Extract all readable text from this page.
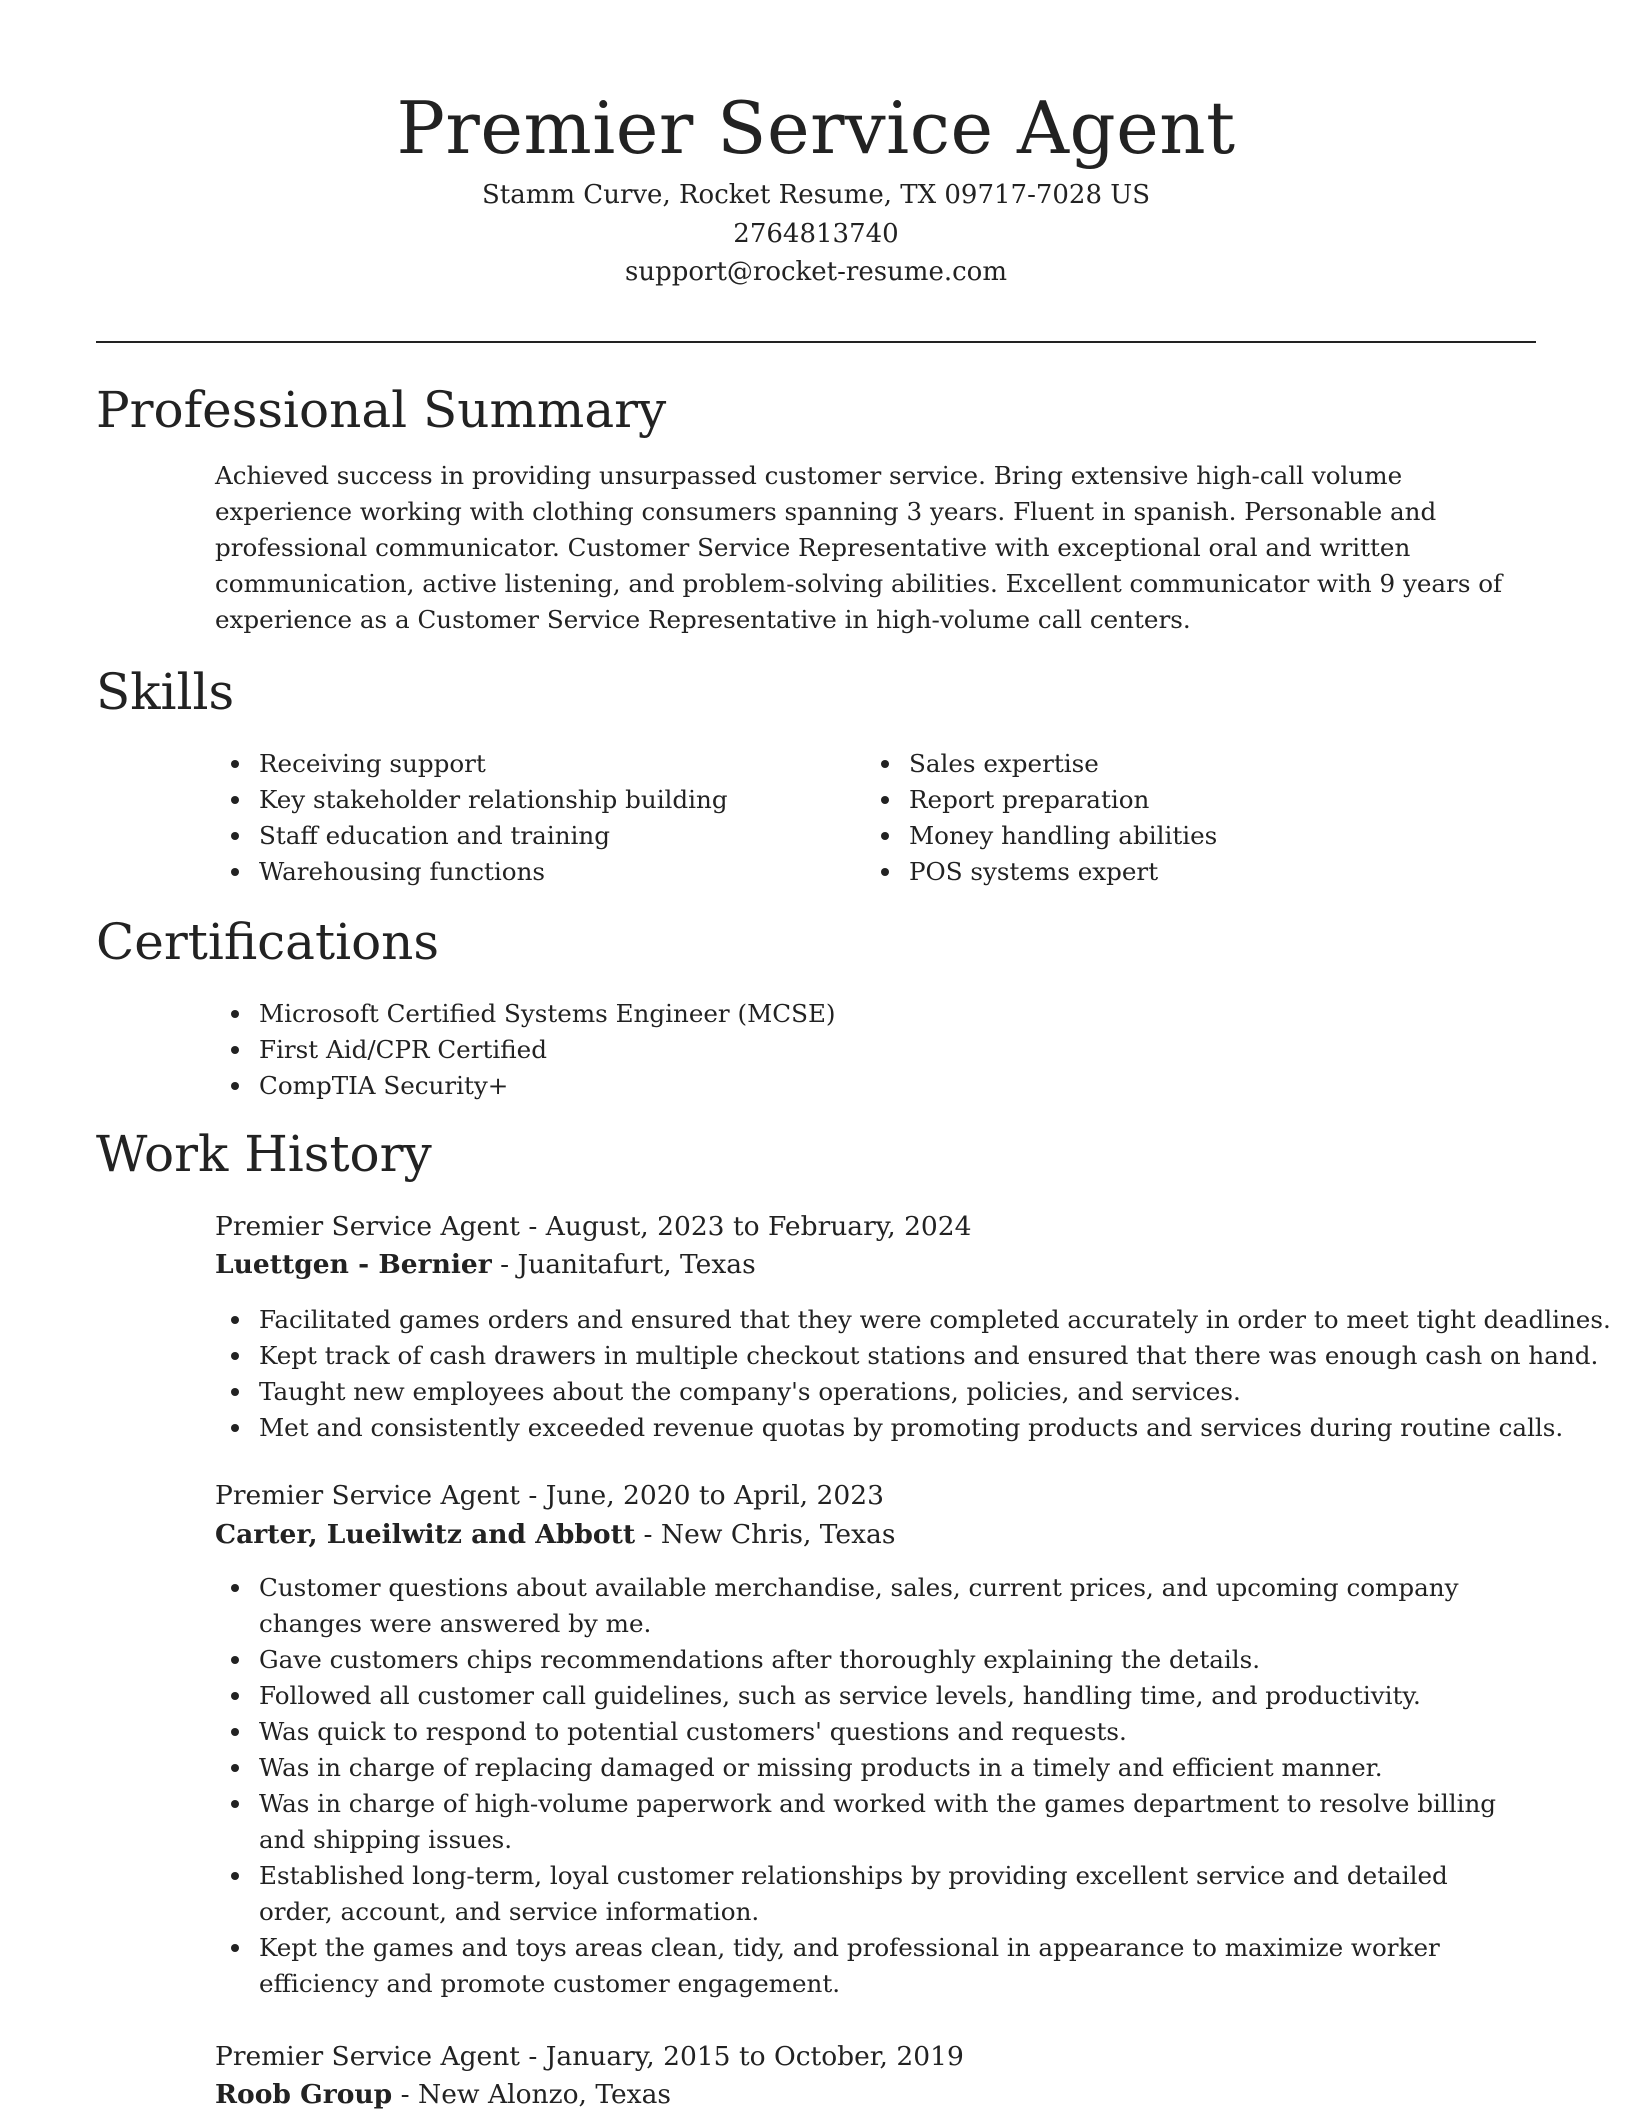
Premier Service Agent
Stamm Curve, Rocket Resume, TX 09717-7028 US
2764813740
support@rocket-resume.com
Professional Summary

Achieved success in providing unsurpassed customer service. Bring extensive high-call volume experience working with clothing consumers spanning 3 years. Fluent in spanish. Personable and professional communicator. Customer Service Representative with exceptional oral and written communication, active listening, and problem-solving abilities. Excellent communicator with 9 years of experience as a Customer Service Representative in high-volume call centers.

Skills
Receiving support
Key stakeholder relationship building
Staff education and training
Warehousing functions
Sales expertise
Report preparation
Money handling abilities
POS systems expert
Certifications
Microsoft Certified Systems Engineer (MCSE)
First Aid/CPR Certified
CompTIA Security+
Work History
Premier Service Agent - August, 2023 to February, 2024
Luettgen - Bernier - Juanitafurt, Texas
Facilitated games orders and ensured that they were completed accurately in order to meet tight deadlines.
Kept track of cash drawers in multiple checkout stations and ensured that there was enough cash on hand.
Taught new employees about the company's operations, policies, and services.
Met and consistently exceeded revenue quotas by promoting products and services during routine calls.
Premier Service Agent - June, 2020 to April, 2023
Carter, Lueilwitz and Abbott - New Chris, Texas
Customer questions about available merchandise, sales, current prices, and upcoming company changes were answered by me.
Gave customers chips recommendations after thoroughly explaining the details.
Followed all customer call guidelines, such as service levels, handling time, and productivity.
Was quick to respond to potential customers' questions and requests.
Was in charge of replacing damaged or missing products in a timely and efficient manner.
Was in charge of high-volume paperwork and worked with the games department to resolve billing and shipping issues.
Established long-term, loyal customer relationships by providing excellent service and detailed order, account, and service information.
Kept the games and toys areas clean, tidy, and professional in appearance to maximize worker efficiency and promote customer engagement.
Premier Service Agent - January, 2015 to October, 2019
Roob Group - New Alonzo, Texas
